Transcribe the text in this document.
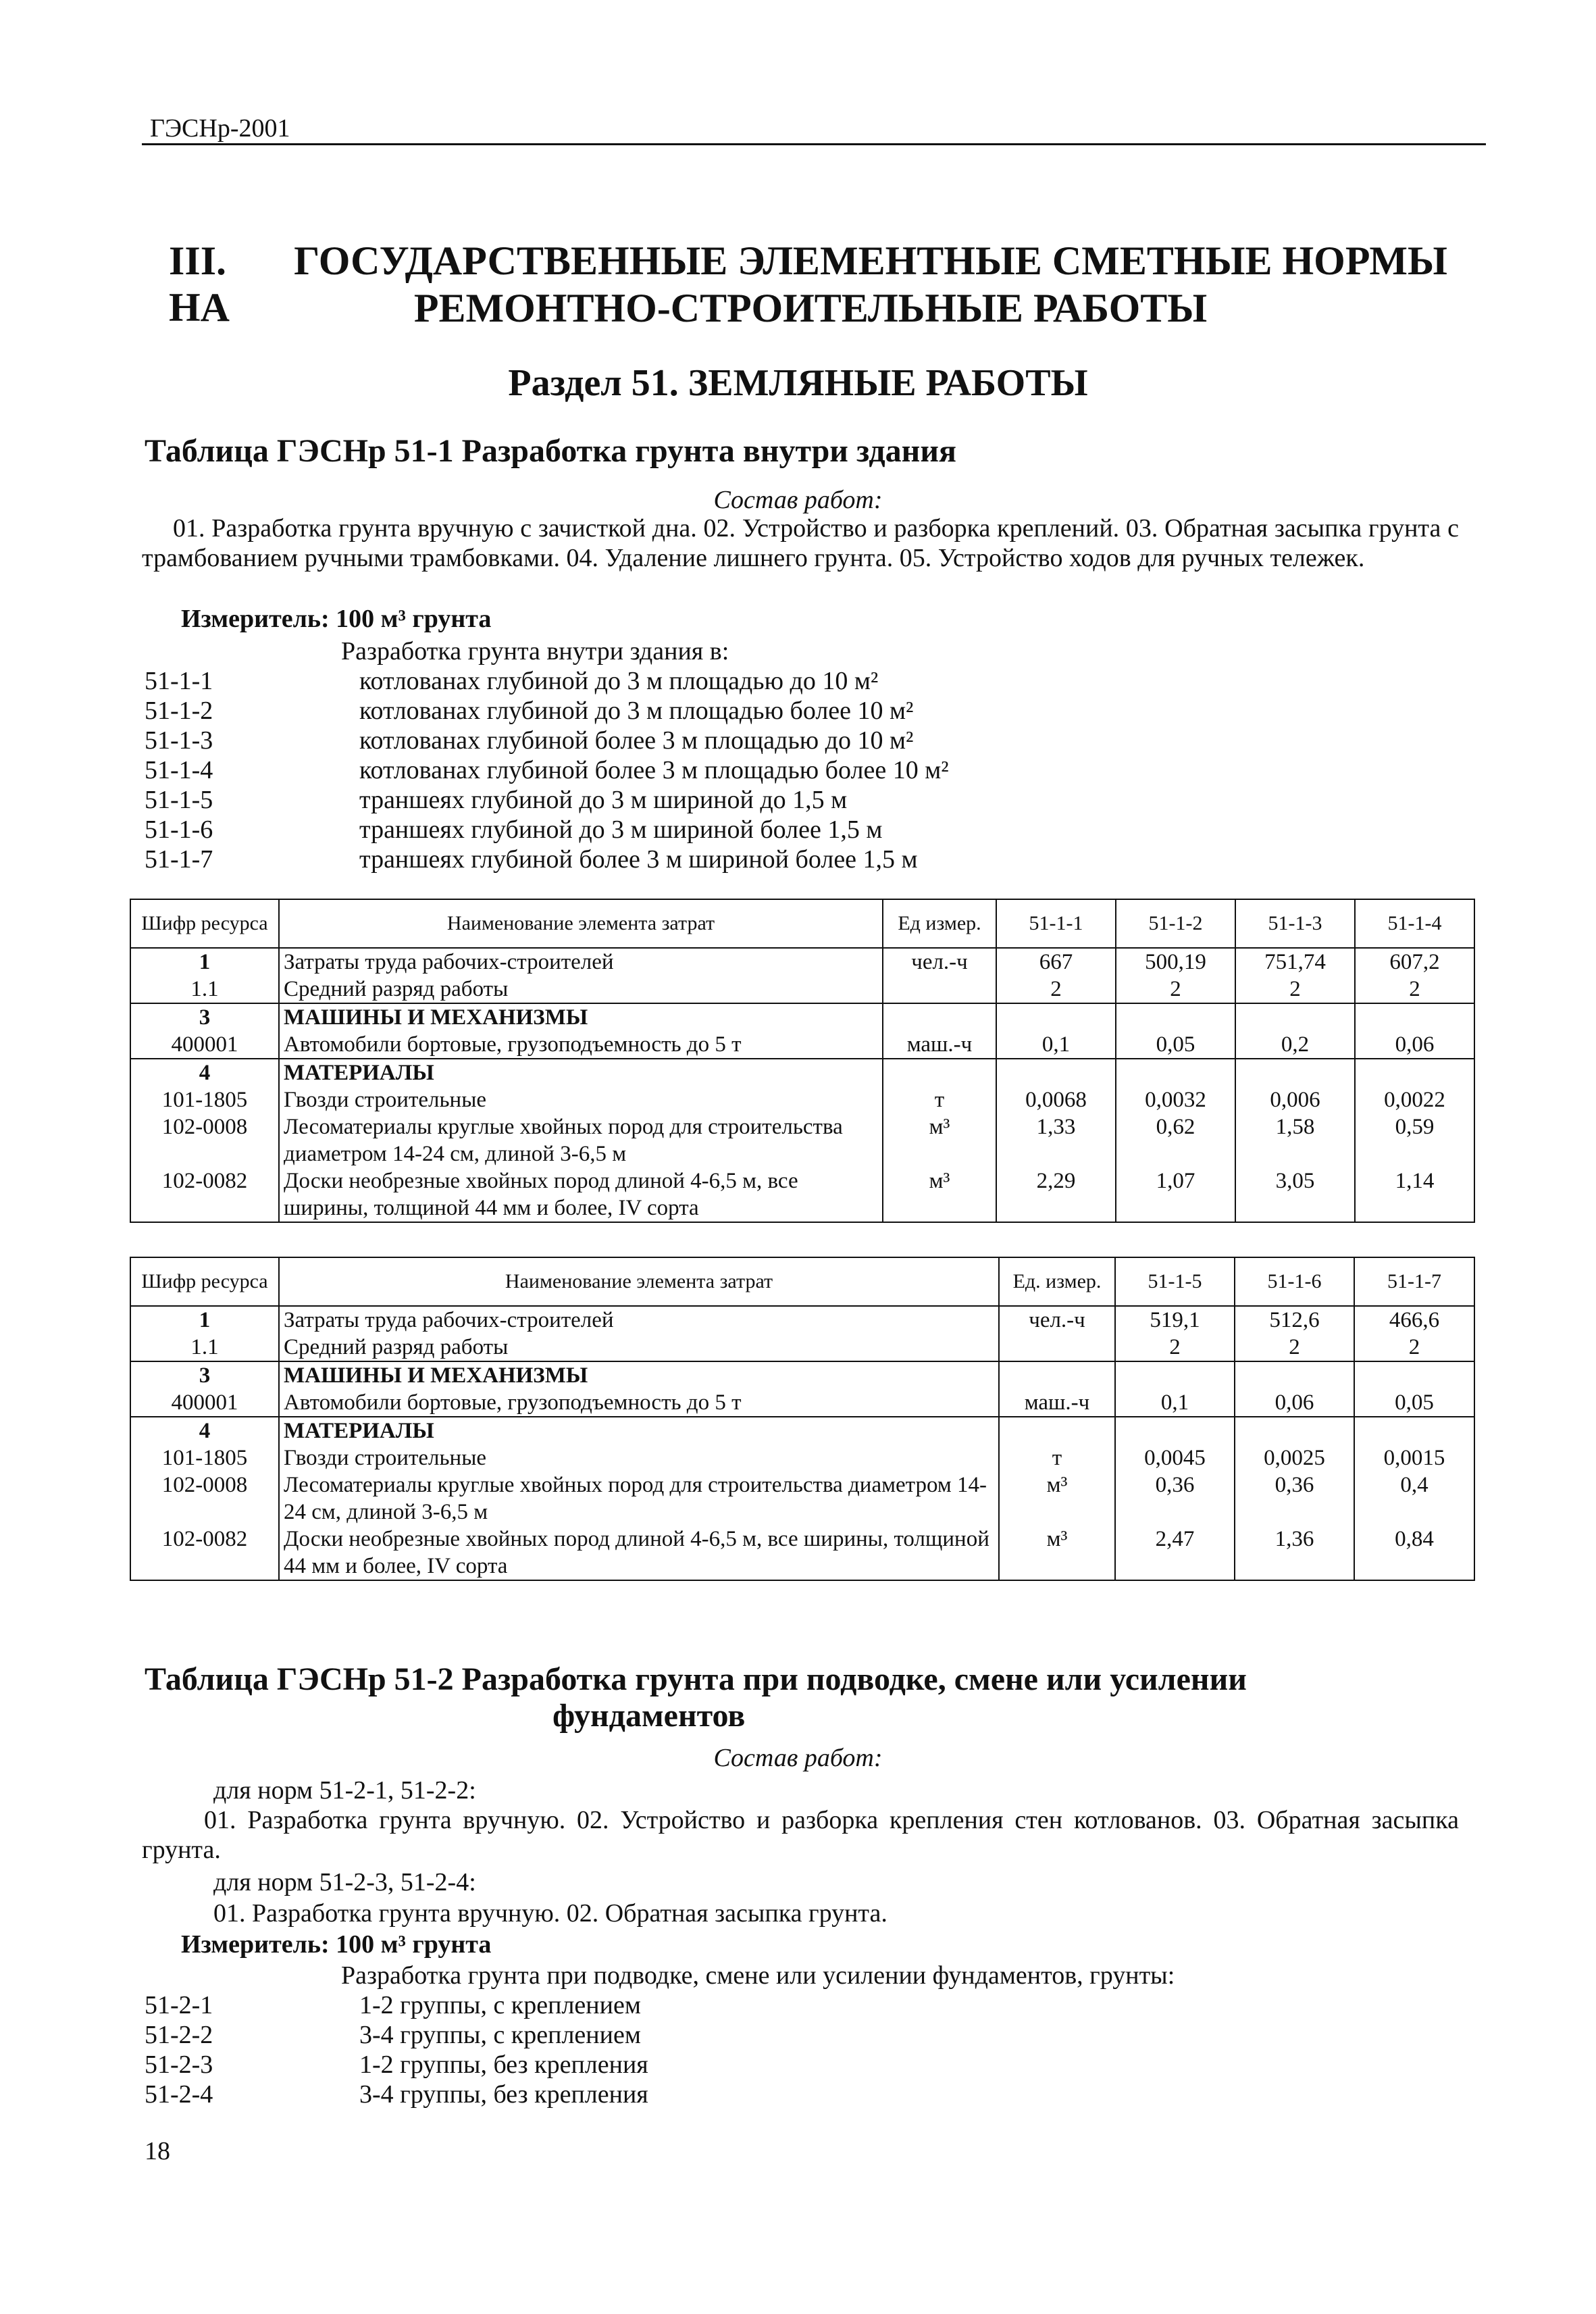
ГЭСНр-2001
III. ГОСУДАРСТВЕННЫЕ ЭЛЕМЕНТНЫЕ СМЕТНЫЕ НОРМЫ НА	РЕМОНТНО-СТРОИТЕЛЬНЫЕ РАБОТЫ
Раздел 51. ЗЕМЛЯНЫЕ РАБОТЫ
Таблица ГЭСНр 51-1 Разработка грунта внутри здания
Состав работ:
01. Разработка грунта вручную с зачисткой дна. 02. Устройство и разборка креплений. 03. Обратная засыпка грунта с трамбованием ручными трамбовками. 04. Удаление лишнего грунта. 05. Устройство ходов для ручных тележек.
Измеритель: 100 м³ грунта
Разработка грунта внутри здания в:
51-1-1	котлованах глубиной до 3 м площадью до 10 м²
51-1-2	котлованах глубиной до 3 м площадью более 10 м²
51-1-3	котлованах глубиной более 3 м площадью до 10 м²
51-1-4	котлованах глубиной более 3 м площадью более 10 м²
51-1-5	траншеях глубиной до 3 м шириной до 1,5 м
51-1-6	траншеях глубиной до 3 м шириной более 1,5 м
51-1-7	траншеях глубиной более 3 м шириной более 1,5 м
Шифр ресурса	Наименование элемента затрат	Ед измер.	51-1-1	51-1-2	51-1-3	51-1-4
1	Затраты труда рабочих-строителей	чел.-ч	667	500,19	751,74	607,2
1.1	Средний разряд работы		2	2	2	2
3	МАШИНЫ И МЕХАНИЗМЫ					
400001	Автомобили бортовые, грузоподъемность до 5 т	маш.-ч	0,1	0,05	0,2	0,06
4	МАТЕРИАЛЫ					
101-1805	Гвозди строительные	т	0,0068	0,0032	0,006	0,0022
102-0008	Лесоматериалы круглые хвойных пород для строительства диаметром 14-24 см, длиной 3-6,5 м	м³	1,33	0,62	1,58	0,59
102-0082	Доски необрезные хвойных пород длиной 4-6,5 м, все ширины, толщиной 44 мм и более, IV сорта	м³	2,29	1,07	3,05	1,14
Шифр ресурса	Наименование элемента затрат	Ед. измер.	51-1-5	51-1-6	51-1-7
1	Затраты труда рабочих-строителей	чел.-ч	519,1	512,6	466,6
1.1	Средний разряд работы		2	2	2
3	МАШИНЫ И МЕХАНИЗМЫ				
400001	Автомобили бортовые, грузоподъемность до 5 т	маш.-ч	0,1	0,06	0,05
4	МАТЕРИАЛЫ				
101-1805	Гвозди строительные	т	0,0045	0,0025	0,0015
102-0008	Лесоматериалы круглые хвойных пород для строительства диаметром 14-24 см, длиной 3-6,5 м	м³	0,36	0,36	0,4
102-0082	Доски необрезные хвойных пород длиной 4-6,5 м, все ширины, толщиной 44 мм и более, IV сорта	м³	2,47	1,36	0,84
Таблица ГЭСНр 51-2 Разработка грунта при подводке, смене или усилении
фундаментов
Состав работ:
для норм 51-2-1, 51-2-2:
01. Разработка грунта вручную. 02. Устройство и разборка крепления стен котлованов. 03. Обратная засыпка грунта.
для норм 51-2-3, 51-2-4:
01. Разработка грунта вручную. 02. Обратная засыпка грунта.
Измеритель: 100 м³ грунта
Разработка грунта при подводке, смене или усилении фундаментов, грунты:
51-2-1	1-2 группы, с креплением
51-2-2	3-4 группы, с креплением
51-2-3	1-2 группы, без крепления
51-2-4	3-4 группы, без крепления
18
